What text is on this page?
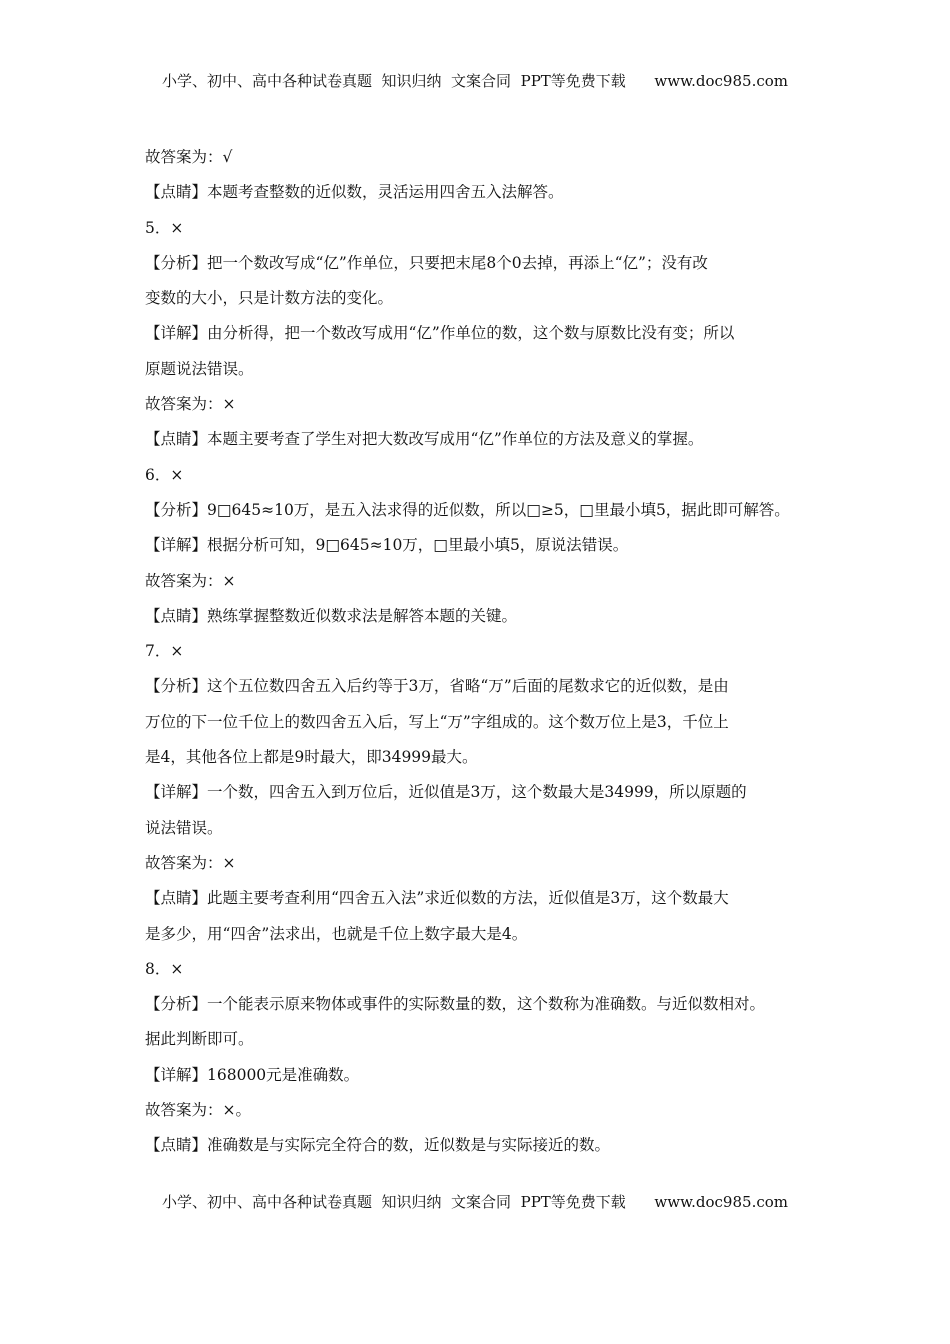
小学、初中、高中各种试卷真题  知识归纳  文案合同  PPT等免费下载      www.doc985.com
故答案为：√
【点睛】本题考查整数的近似数，灵活运用四舍五入法解答。
5．×
【分析】把一个数改写成“亿”作单位，只要把末尾8个0去掉，再添上“亿”；没有改
变数的大小，只是计数方法的变化。
【详解】由分析得，把一个数改写成用“亿”作单位的数，这个数与原数比没有变；所以
原题说法错误。
故答案为：×
【点睛】本题主要考查了学生对把大数改写成用“亿”作单位的方法及意义的掌握。
6．×
【分析】9□645≈10万，是五入法求得的近似数，所以□≥5，□里最小填5，据此即可解答。
【详解】根据分析可知，9□645≈10万，□里最小填5，原说法错误。
故答案为：×
【点睛】熟练掌握整数近似数求法是解答本题的关键。
7．×
【分析】这个五位数四舍五入后约等于3万，省略“万”后面的尾数求它的近似数，是由
万位的下一位千位上的数四舍五入后，写上“万”字组成的。这个数万位上是3，千位上
是4，其他各位上都是9时最大，即34999最大。
【详解】一个数，四舍五入到万位后，近似值是3万，这个数最大是34999，所以原题的
说法错误。
故答案为：×
【点睛】此题主要考查利用“四舍五入法”求近似数的方法，近似值是3万，这个数最大
是多少，用“四舍”法求出，也就是千位上数字最大是4。
8．×
【分析】一个能表示原来物体或事件的实际数量的数，这个数称为准确数。与近似数相对。
据此判断即可。
【详解】168000元是准确数。
故答案为：×。
【点睛】准确数是与实际完全符合的数，近似数是与实际接近的数。
小学、初中、高中各种试卷真题  知识归纳  文案合同  PPT等免费下载      www.doc985.com
